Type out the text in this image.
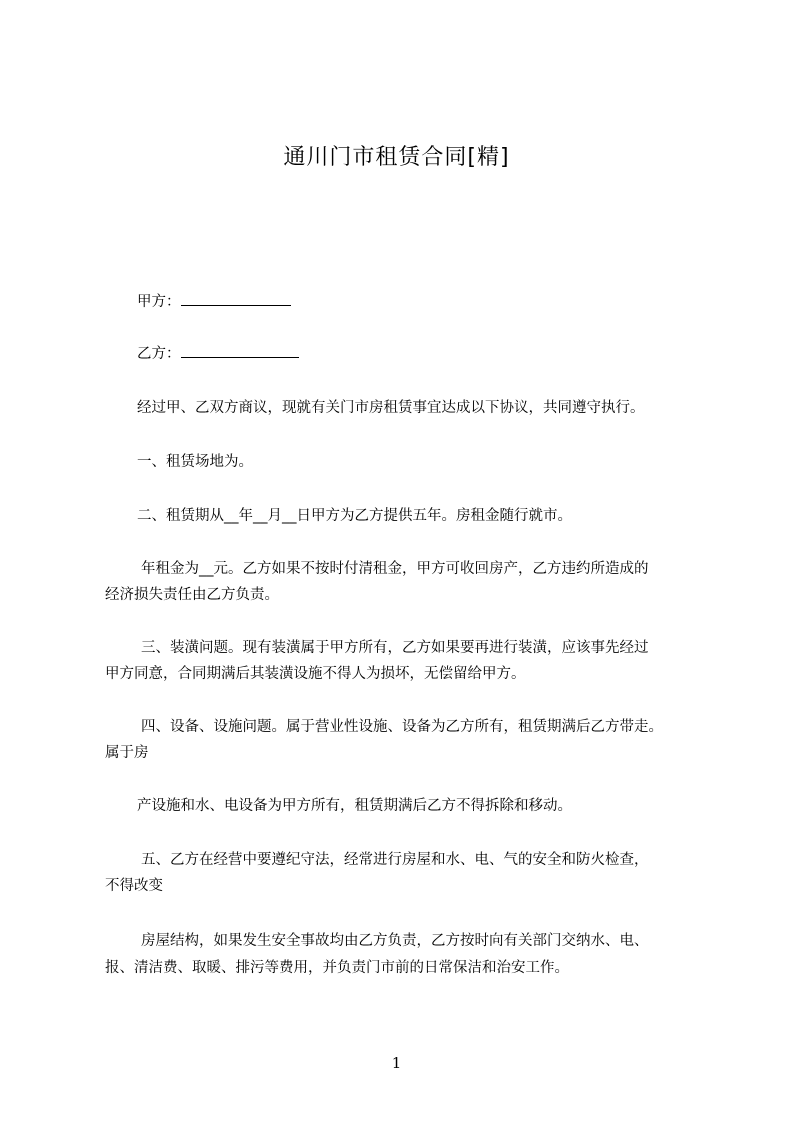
通川门市租赁合同[精]

甲方：

乙方：

经过甲、乙双方商议，现就有关门市房租赁事宜达成以下协议，共同遵守执行。

一、租赁场地为。

二、租赁期从__年__月__日甲方为乙方提供五年。房租金随行就市。

年租金为__元。乙方如果不按时付清租金，甲方可收回房产，乙方违约所造成的

经济损失责任由乙方负责。

三、装潢问题。现有装潢属于甲方所有，乙方如果要再进行装潢，应该事先经过

甲方同意，合同期满后其装潢设施不得人为损坏，无偿留给甲方。

四、设备、设施问题。属于营业性设施、设备为乙方所有，租赁期满后乙方带走。

属于房

产设施和水、电设备为甲方所有，租赁期满后乙方不得拆除和移动。

五、乙方在经营中要遵纪守法，经常进行房屋和水、电、气的安全和防火检查，

不得改变

房屋结构，如果发生安全事故均由乙方负责，乙方按时向有关部门交纳水、电、

报、清洁费、取暖、排污等费用，并负责门市前的日常保洁和治安工作。

1
